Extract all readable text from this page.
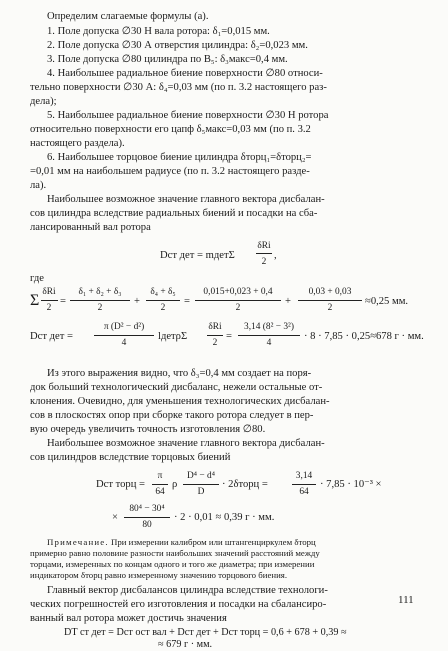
Определим слагаемые формулы (а).
1. Поле допуска ∅30 Н вала ротора: δ₁=0,015 мм.
2. Поле допуска ∅30 А отверстия цилиндра: δ₂=0,023 мм.
3. Поле допуска ∅80 цилиндра по В₅: δ₃макс=0,4 мм.
4. Наибольшее радиальное биение поверхности ∅80 относи-
тельно поверхности ∅30 А: δ₄=0,03 мм (по п. 3.2 настоящего раз-
дела);
5. Наибольшее радиальное биение поверхности ∅30 Н ротора
относительно поверхности его цапф δ₅макс=0,03 мм (по п. 3.2
настоящего раздела).
6. Наибольшее торцовое биение цилиндра δторц₁=δторц₂=
=0,01 мм на наибольшем радиусе (по п. 3.2 настоящего разде-
ла).
Наибольшее возможное значение главного вектора дисбалан-
сов цилиндра вследствие радиальных биений и посадки на сба-
лансированный вал ротора
Dст дет = mдетΣ
δRi
2
,
где
Σ δRi
2
=
δ₁ + δ₂ + δ₃
2
+
δ₄ + δ₅
2
=
0,015+0,023 + 0,4
2
+
0,03 + 0,03
2
≈0,25 мм.
Dст дет =
π (D² − d²)
4
lдетρΣ
δRi
2
=
3,14 (8² − 3²)
4
· 8 · 7,85 · 0,25≈678 г · мм.
Из этого выражения видно, что δ₃=0,4 мм создает на поря-
док больший технологический дисбаланс, нежели остальные от-
клонения. Очевидно, для уменьшения технологических дисбалан-
сов в плоскостях опор при сборке такого ротора следует в пер-
вую очередь увеличить точность изготовления ∅80.
Наибольшее возможное значение главного вектора дисбалан-
сов цилиндров вследствие торцовых биений
Dст торц =
π
64
ρ
D⁴ − d⁴
D
· 2δторц =
3,14
64
· 7,85 · 10⁻³ ×
×
80⁴ − 30⁴
80
· 2 · 0,01 ≈ 0,39 г · мм.
Примечание. При измерении калибром или штангенциркулем δторц
примерно равно половине разности наибольших значений расстояний между
торцами, измеренных по концам одного и того же диаметра; при измерении
индикатором δторц равно измеренному значению торцового биения.
Главный вектор дисбалансов цилиндра вследствие технологи-
ческих погрешностей его изготовления и посадки на сбалансиро-
ванный вал ротора может достичь значения
DΤ ст дет = Dст ост вал + Dст дет + Dст торц = 0,6 + 678 + 0,39 ≈
≈ 679 г · мм.
111
